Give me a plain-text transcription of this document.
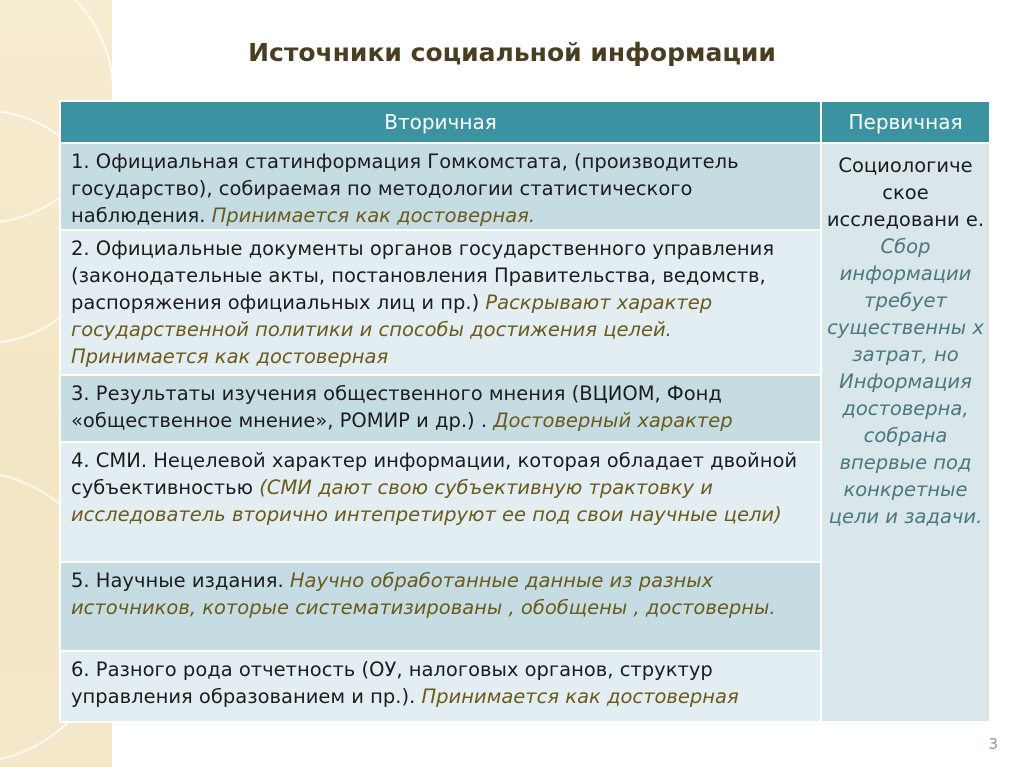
Источники социальной информации
Вторичная	Первичная
1. Официальная статинформация Гомкомстата, (производитель государство), собираемая по методологии статистического наблюдения. Принимается как достоверная.	Социологиче ское исследовани е. Сбор информации требует существенны х затрат, но Информация достоверна, собрана впервые под конкретные цели и задачи.
2. Официальные документы органов государственного управления (законодательные акты, постановления Правительства, ведомств, распоряжения официальных лиц и пр.) Раскрывают характер государственной политики и способы достижения целей. Принимается как достоверная	
3. Результаты изучения общественного мнения (ВЦИОМ, Фонд «общественное мнение», РОМИР и др.) . Достоверный характер	
4. СМИ. Нецелевой характер информации, которая обладает двойной субъективностью (СМИ дают свою субъективную трактовку и исследователь вторично интепретируют ее под свои научные цели)	
5. Научные издания. Научно обработанные данные из разных источников, которые систематизированы , обобщены , достоверны.	
6. Разного рода отчетность (ОУ, налоговых органов, структур управления образованием и пр.). Принимается как достоверная	
3
